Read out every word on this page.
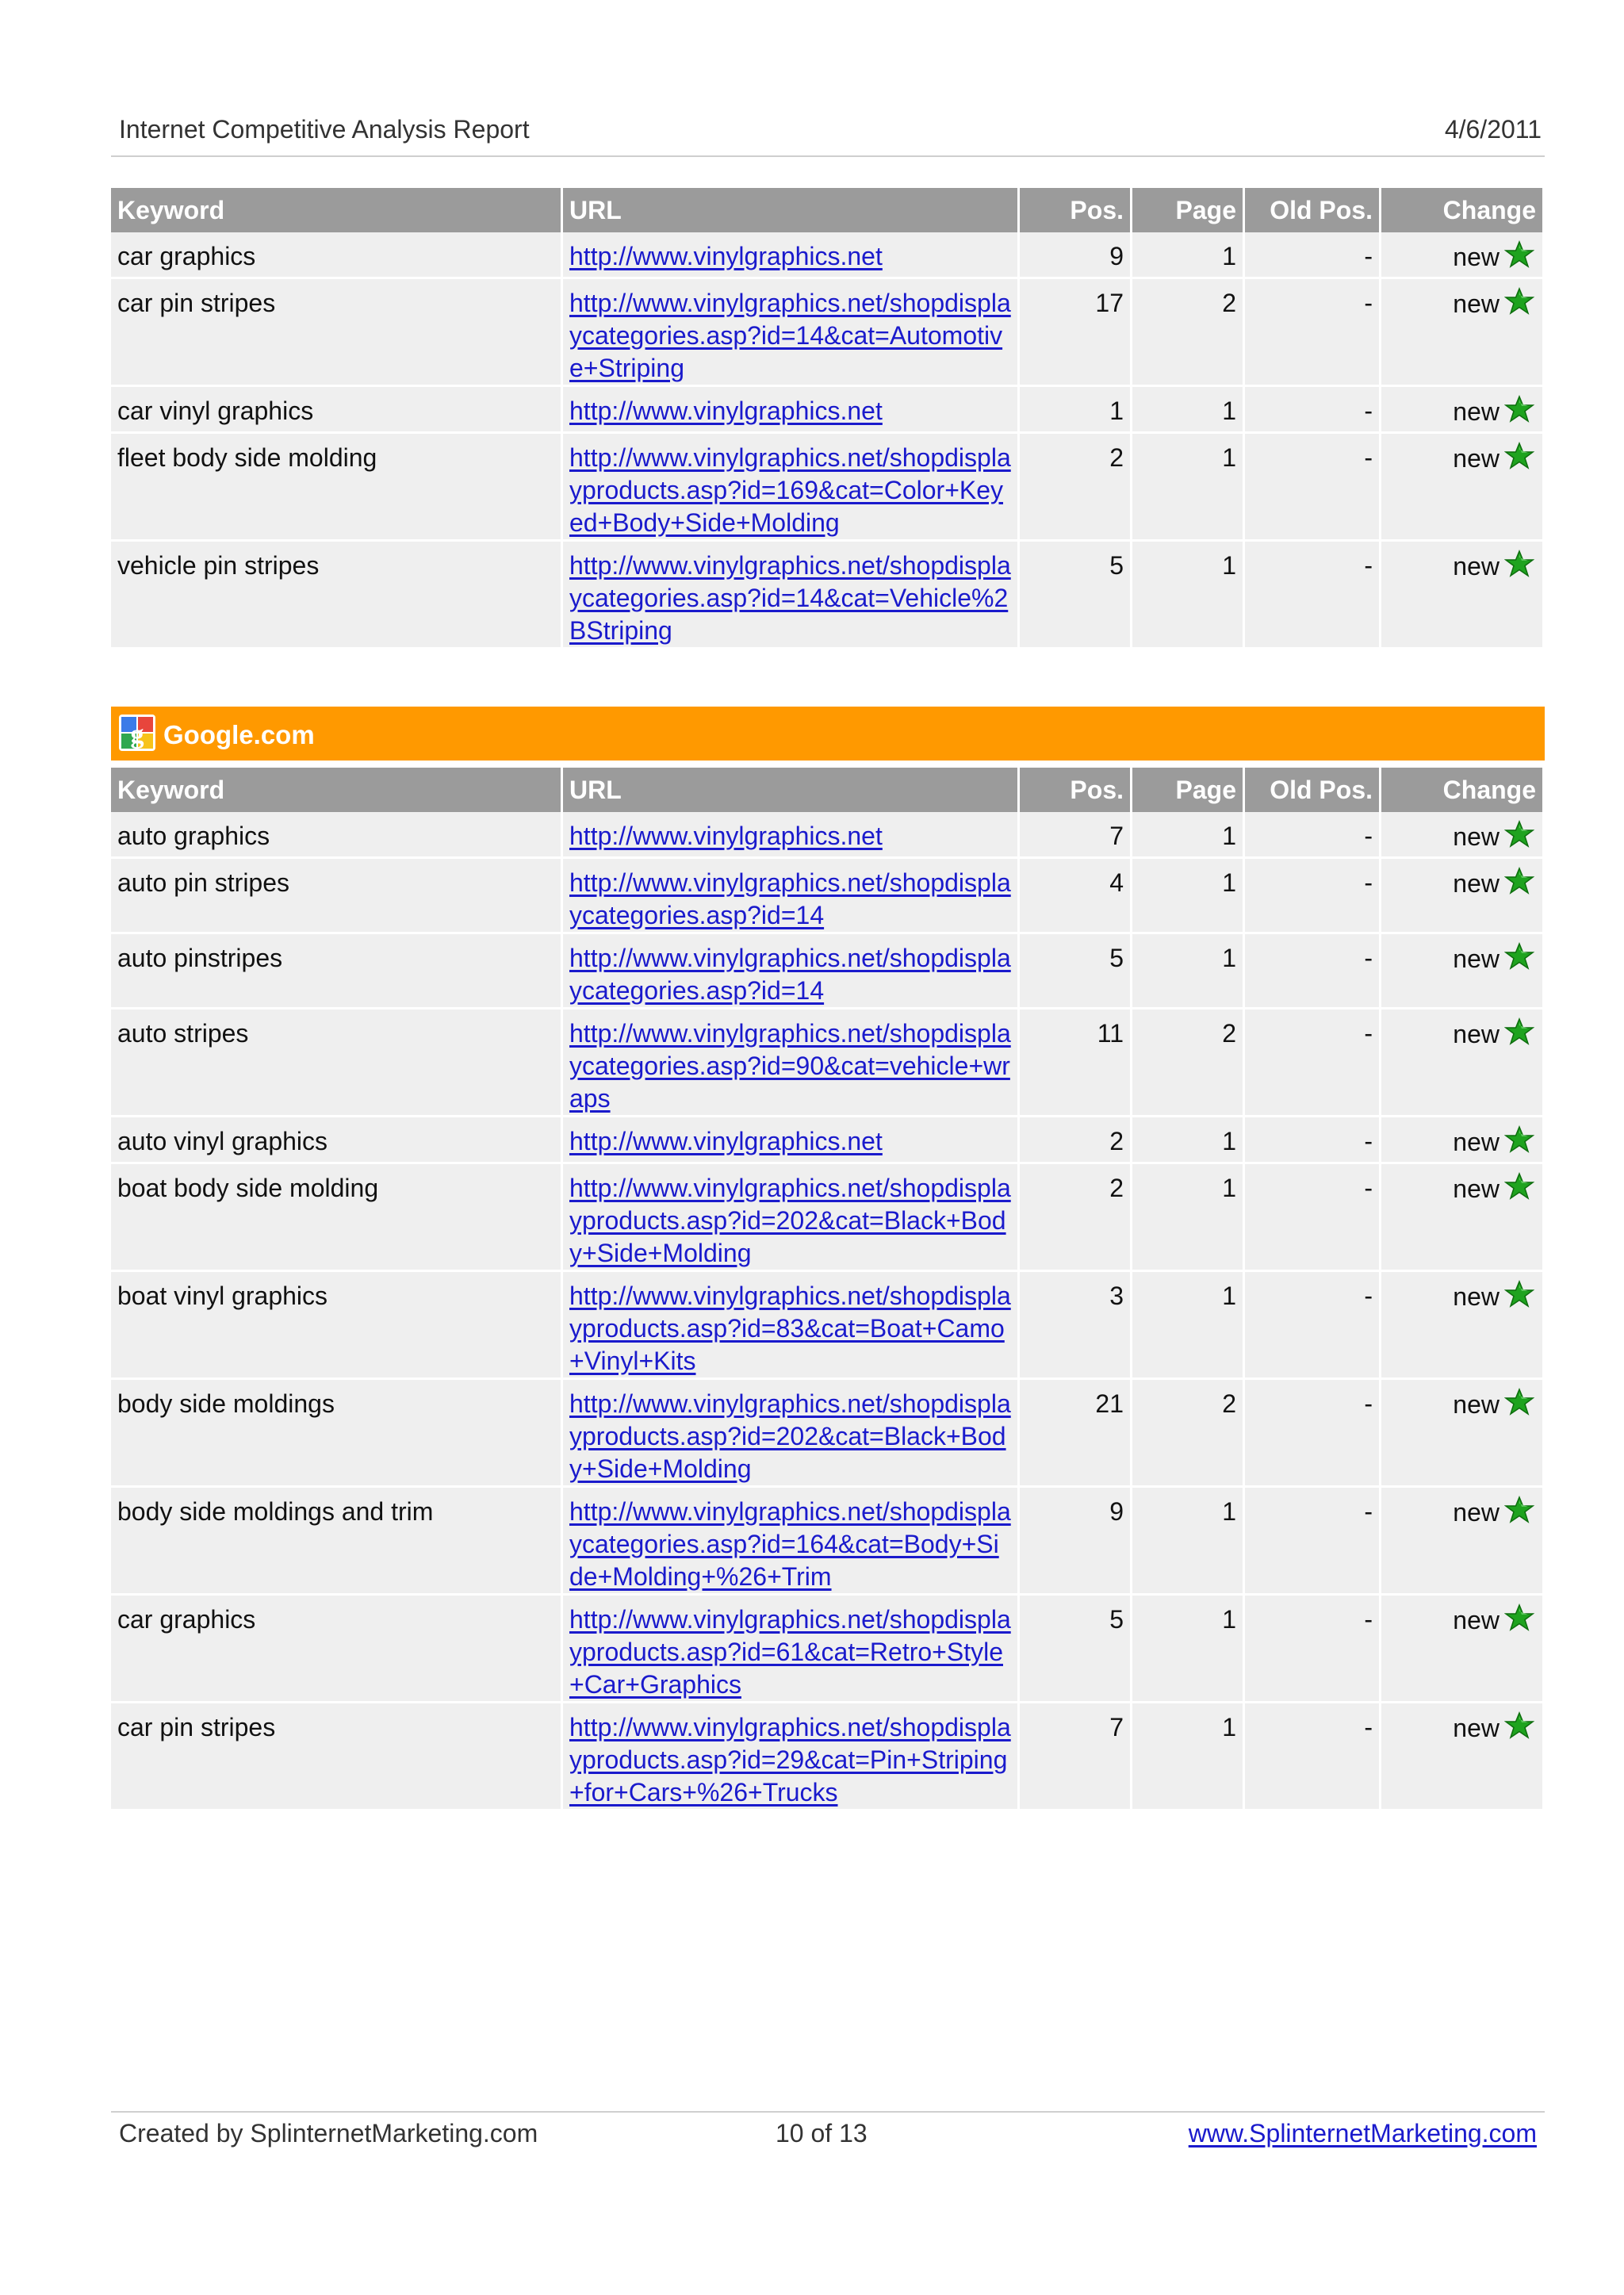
Internet Competitive Analysis Report	4/6/2011
Keyword	URL	Pos.	Page	Old Pos.	Change
car graphics	http://www.vinylgraphics.net	9	1	-	new
car pin stripes	http://www.vinylgraphics.net/shopdisplaycategories.asp?id=14&cat=Automotive+Striping	17	2	-	new
car vinyl graphics	http://www.vinylgraphics.net	1	1	-	new
fleet body side molding	http://www.vinylgraphics.net/shopdisplayproducts.asp?id=169&cat=Color+Keyed+Body+Side+Molding	2	1	-	new
vehicle pin stripes	http://www.vinylgraphics.net/shopdisplaycategories.asp?id=14&cat=Vehicle%2BStriping	5	1	-	new
g Google.com
Keyword	URL	Pos.	Page	Old Pos.	Change
auto graphics	http://www.vinylgraphics.net	7	1	-	new
auto pin stripes	http://www.vinylgraphics.net/shopdisplaycategories.asp?id=14	4	1	-	new
auto pinstripes	http://www.vinylgraphics.net/shopdisplaycategories.asp?id=14	5	1	-	new
auto stripes	http://www.vinylgraphics.net/shopdisplaycategories.asp?id=90&cat=vehicle+wraps	11	2	-	new
auto vinyl graphics	http://www.vinylgraphics.net	2	1	-	new
boat body side molding	http://www.vinylgraphics.net/shopdisplayproducts.asp?id=202&cat=Black+Body+Side+Molding	2	1	-	new
boat vinyl graphics	http://www.vinylgraphics.net/shopdisplayproducts.asp?id=83&cat=Boat+Camo+Vinyl+Kits	3	1	-	new
body side moldings	http://www.vinylgraphics.net/shopdisplayproducts.asp?id=202&cat=Black+Body+Side+Molding	21	2	-	new
body side moldings and trim	http://www.vinylgraphics.net/shopdisplaycategories.asp?id=164&cat=Body+Side+Molding+%26+Trim	9	1	-	new
car graphics	http://www.vinylgraphics.net/shopdisplayproducts.asp?id=61&cat=Retro+Style+Car+Graphics	5	1	-	new
car pin stripes	http://www.vinylgraphics.net/shopdisplayproducts.asp?id=29&cat=Pin+Striping+for+Cars+%26+Trucks	7	1	-	new
Created by SplinternetMarketing.com	10 of 13	www.SplinternetMarketing.com
